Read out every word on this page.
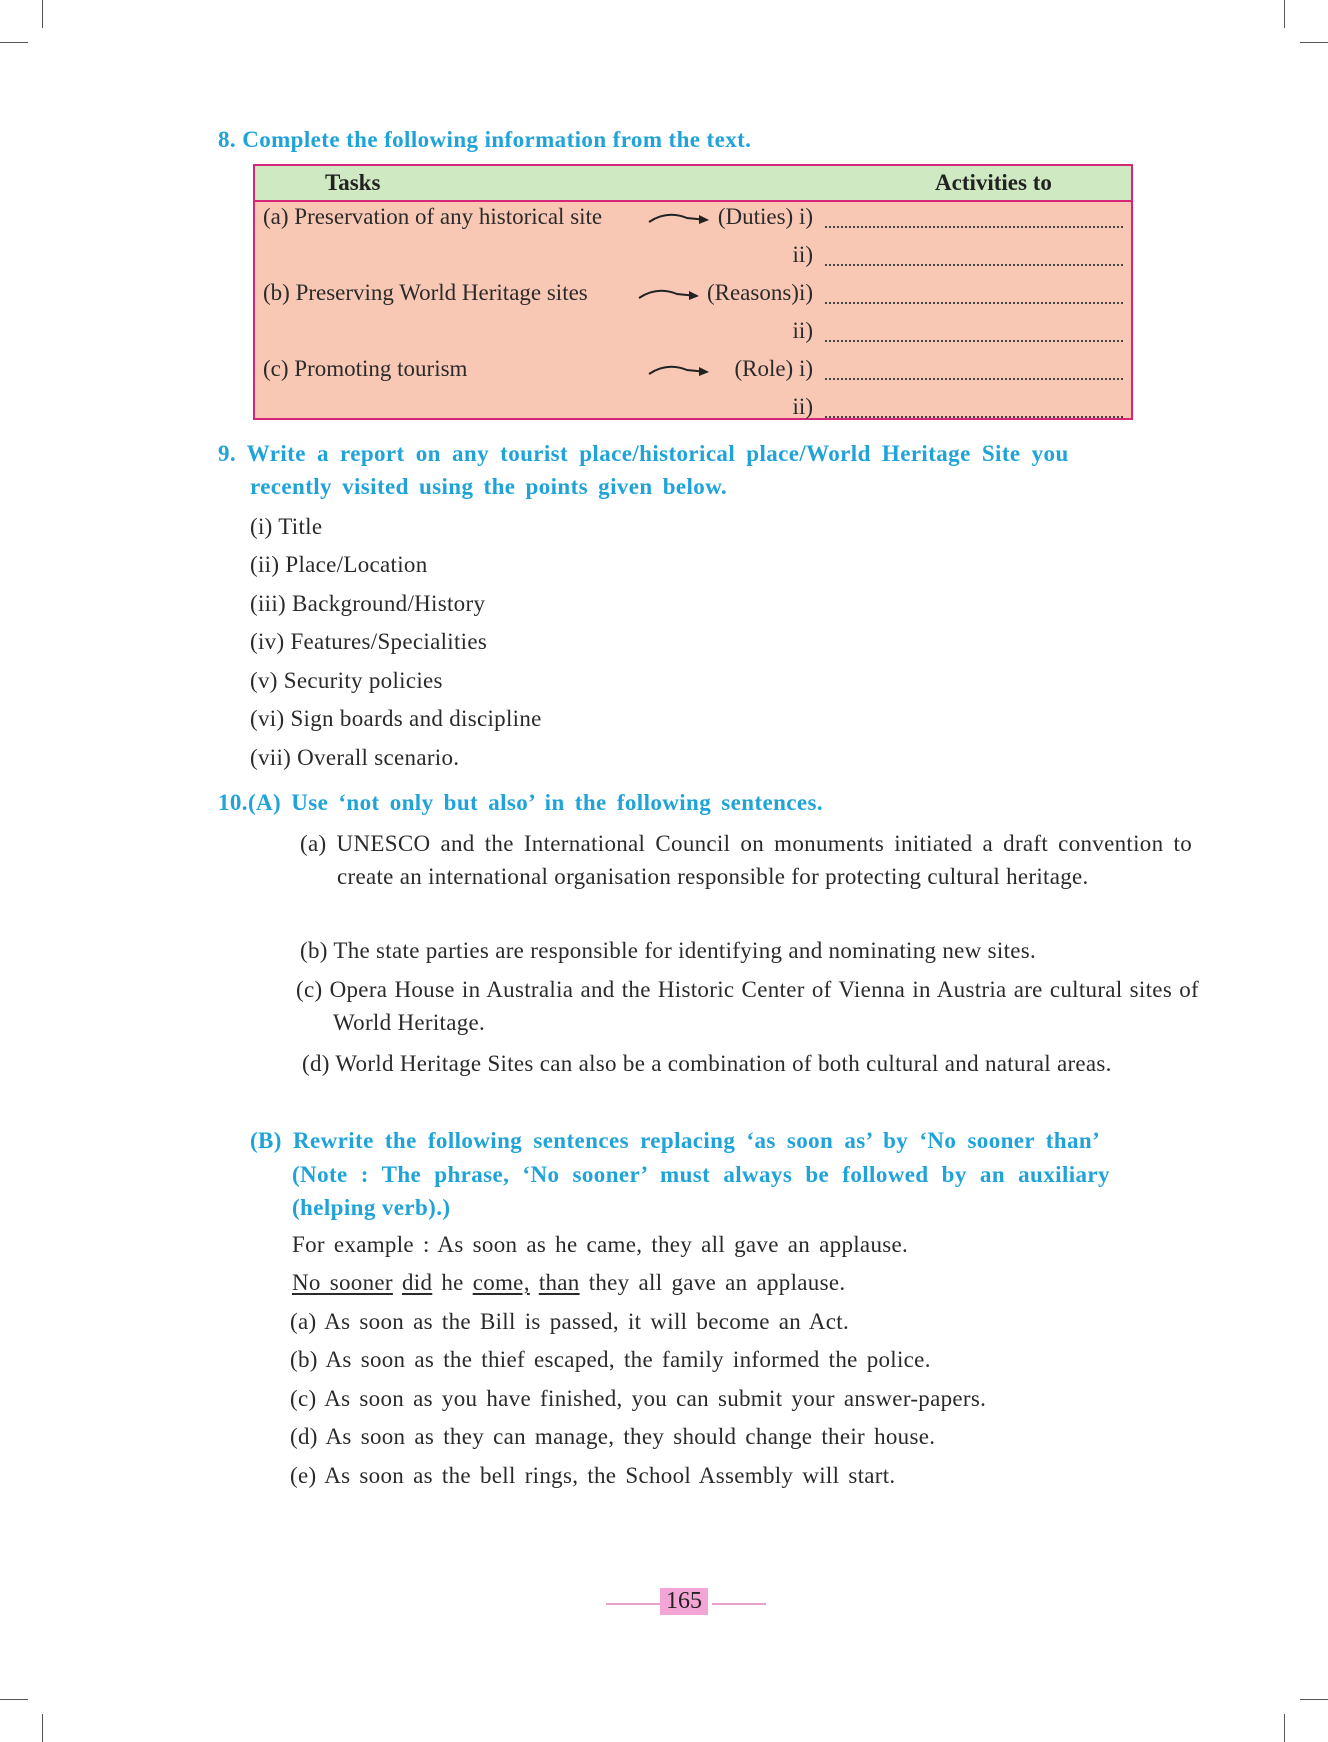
8. Complete the following information from the text.

Tasks	Activities to
(a) Preservation of any historical site	(Duties) i)
ii)
(b) Preserving World Heritage sites	(Reasons)i)
ii)
(c) Promoting tourism	(Role) i)
ii)

9. Write a report on any tourist place/historical place/World Heritage Site you

recently visited using the points given below.

(i) Title

(ii) Place/Location

(iii) Background/History

(iv) Features/Specialities

(v) Security policies

(vi) Sign boards and discipline

(vii) Overall scenario.

10.(A) Use ‘not only but also’ in the following sentences.

(a) UNESCO and the International Council on monuments initiated a draft convention to create an international organisation responsible for protecting cultural heritage.

(b) The state parties are responsible for identifying and nominating new sites.

(c) Opera House in Australia and the Historic Center of Vienna in Austria are cultural sites of World Heritage.

(d) World Heritage Sites can also be a combination of both cultural and natural areas.

(B) Rewrite the following sentences replacing ‘as soon as’ by ‘No sooner than’

(Note : The phrase, ‘No sooner’ must always be followed by an auxiliary

(helping verb).)

For example : As soon as he came, they all gave an applause.

No sooner did he come, than they all gave an applause.

(a) As soon as the Bill is passed, it will become an Act.

(b) As soon as the thief escaped, the family informed the police.

(c) As soon as you have finished, you can submit your answer-papers.

(d) As soon as they can manage, they should change their house.

(e) As soon as the bell rings, the School Assembly will start.

165
